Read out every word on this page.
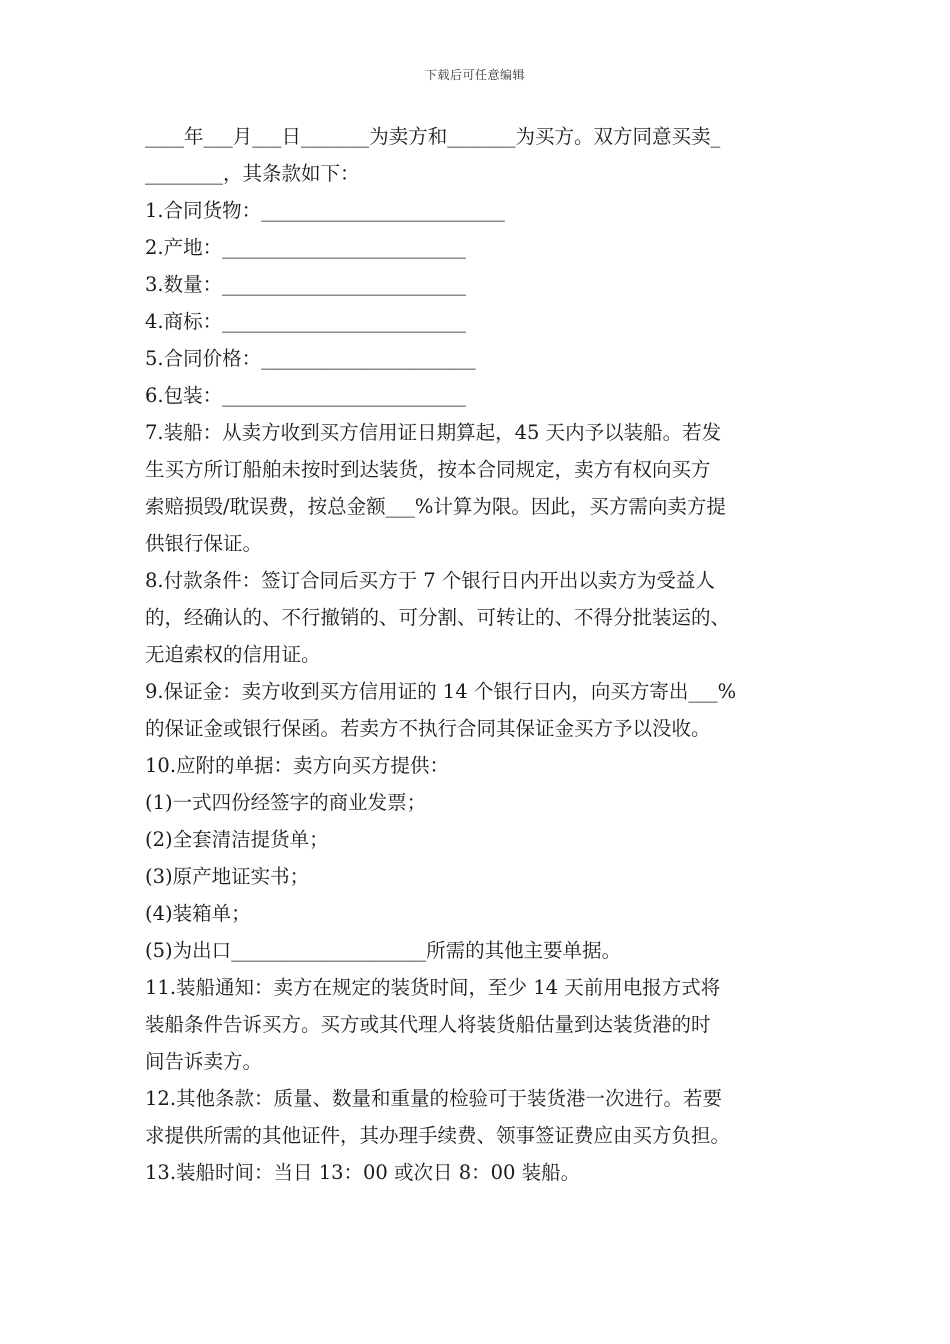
下载后可任意编辑

____年___月___日_______为卖方和_______为买方。双方同意买卖_

________，其条款如下：

1.合同货物：_________________________

2.产地：_________________________

3.数量：_________________________

4.商标：_________________________

5.合同价格：______________________

6.包装：_________________________

7.装船：从卖方收到买方信用证日期算起，45 天内予以装船。若发

生买方所订船舶未按时到达装货，按本合同规定，卖方有权向买方

索赔损毁/耽误费，按总金额___%计算为限。因此，买方需向卖方提

供银行保证。

8.付款条件：签订合同后买方于 7 个银行日内开出以卖方为受益人

的，经确认的、不行撤销的、可分割、可转让的、不得分批装运的、

无追索权的信用证。

9.保证金：卖方收到买方信用证的 14 个银行日内，向买方寄出___%

的保证金或银行保函。若卖方不执行合同其保证金买方予以没收。

10.应附的单据：卖方向买方提供：

(1)一式四份经签字的商业发票；

(2)全套清洁提货单；

(3)原产地证实书；

(4)装箱单；

(5)为出口____________________所需的其他主要单据。

11.装船通知：卖方在规定的装货时间，至少 14 天前用电报方式将

装船条件告诉买方。买方或其代理人将装货船估量到达装货港的时

间告诉卖方。

12.其他条款：质量、数量和重量的检验可于装货港一次进行。若要

求提供所需的其他证件，其办理手续费、领事签证费应由买方负担。

13.装船时间：当日 13：00 或次日 8：00 装船。
